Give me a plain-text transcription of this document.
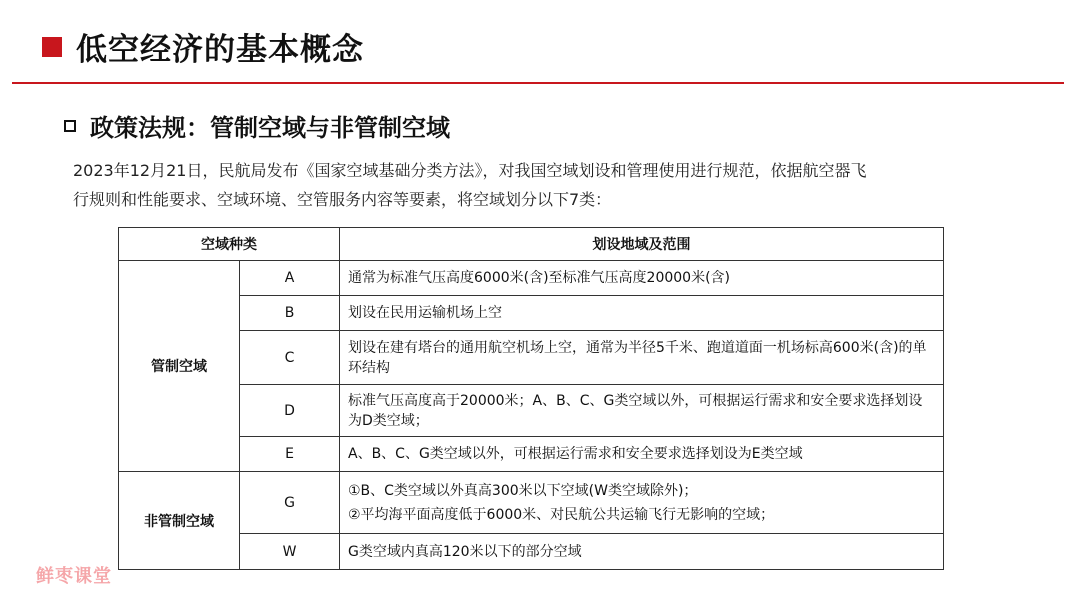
低空经济的基本概念
政策法规：管制空域与非管制空域
2023年12月21日，民航局发布《国家空域基础分类方法》，对我国空域划设和管理使用进行规范，依据航空器飞
行规则和性能要求、空域环境、空管服务内容等要素，将空域划分以下7类：
空域种类		划设地域及范围
管制空域	A	通常为标准气压高度6000米(含)至标准气压高度20000米(含)
	B	划设在民用运输机场上空
	C	划设在建有塔台的通用航空机场上空，通常为半径5千米、跑道道面一机场标高600米(含)的单环结构
	D	标准气压高度高于20000米；A、B、C、G类空域以外，可根据运行需求和安全要求选择划设为D类空域；
	E	A、B、C、G类空域以外，可根据运行需求和安全要求选择划设为E类空域
非管制空域	G	①B、C类空域以外真高300米以下空域(W类空域除外)；
②平均海平面高度低于6000米、对民航公共运输飞行无影响的空域；

	W	G类空域内真高120米以下的部分空域
鲜枣课堂
